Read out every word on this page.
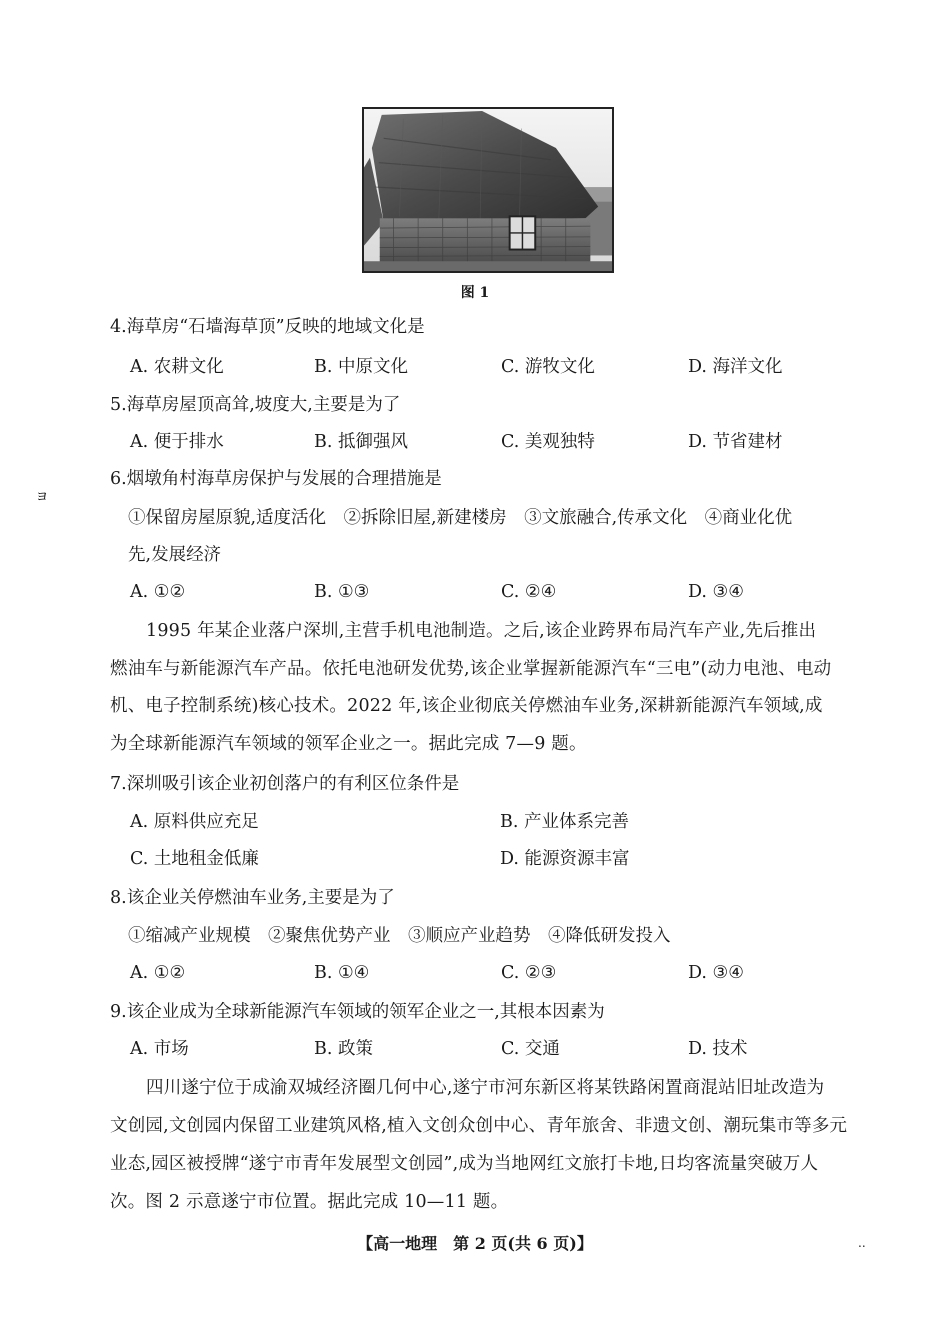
图 1
4.海草房“石墙海草顶”反映的地域文化是
A. 农耕文化	B. 中原文化	C. 游牧文化	D. 海洋文化
5.海草房屋顶高耸,坡度大,主要是为了
A. 便于排水	B. 抵御强风	C. 美观独特	D. 节省建材
ョ
6.烟墩角村海草房保护与发展的合理措施是
①保留房屋原貌,适度活化　②拆除旧屋,新建楼房　③文旅融合,传承文化　④商业化优
先,发展经济
A. ①②	B. ①③	C. ②④	D. ③④
1995 年某企业落户深圳,主营手机电池制造。之后,该企业跨界布局汽车产业,先后推出
燃油车与新能源汽车产品。依托电池研发优势,该企业掌握新能源汽车“三电”(动力电池、电动
机、电子控制系统)核心技术。2022 年,该企业彻底关停燃油车业务,深耕新能源汽车领域,成
为全球新能源汽车领域的领军企业之一。据此完成 7—9 题。
7.深圳吸引该企业初创落户的有利区位条件是
A. 原料供应充足	B. 产业体系完善
C. 土地租金低廉	D. 能源资源丰富
8.该企业关停燃油车业务,主要是为了
①缩减产业规模　②聚焦优势产业　③顺应产业趋势　④降低研发投入
A. ①②	B. ①④	C. ②③	D. ③④
9.该企业成为全球新能源汽车领域的领军企业之一,其根本因素为
A. 市场	B. 政策	C. 交通	D. 技术
四川遂宁位于成渝双城经济圈几何中心,遂宁市河东新区将某铁路闲置商混站旧址改造为
文创园,文创园内保留工业建筑风格,植入文创众创中心、青年旅舍、非遗文创、潮玩集市等多元
业态,园区被授牌“遂宁市青年发展型文创园”,成为当地网红文旅打卡地,日均客流量突破万人
次。图 2 示意遂宁市位置。据此完成 10—11 题。
【高一地理　第 2 页(共 6 页)】	..
